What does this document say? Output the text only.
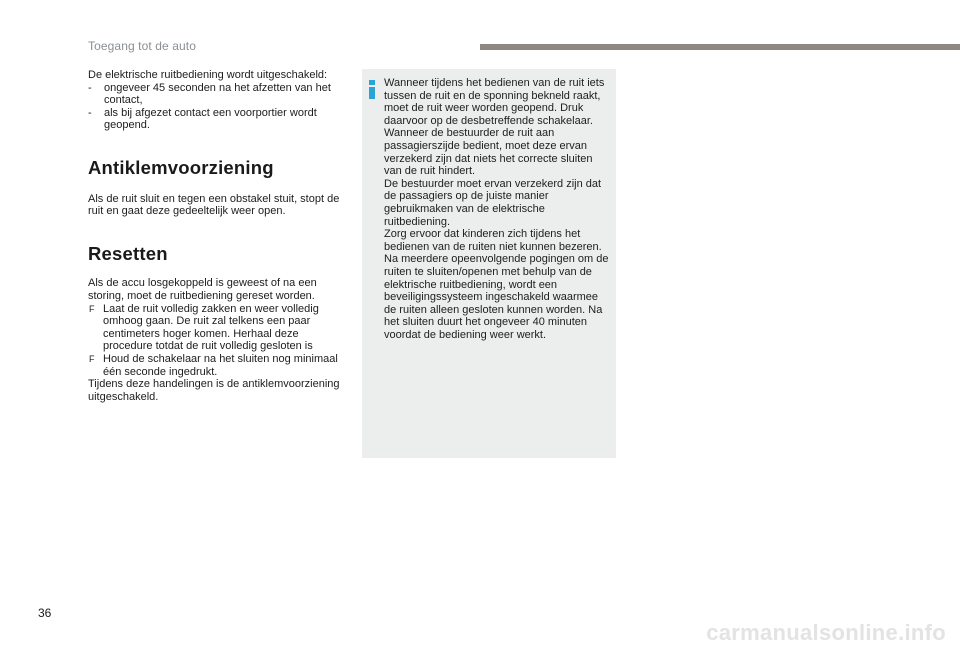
Toegang tot de auto

De elektrische ruitbediening wordt uitgeschakeld:

- ongeveer 45 seconden na het afzetten van het contact,
- als bij afgezet contact een voorportier wordt geopend.
Antiklemvoorziening

Als de ruit sluit en tegen een obstakel stuit, stopt de ruit en gaat deze gedeeltelijk weer open.

Resetten

Als de accu losgekoppeld is geweest of na een storing, moet de ruitbediening gereset worden.

F Laat de ruit volledig zakken en weer volledig omhoog gaan. De ruit zal telkens een paar centimeters hoger komen. Herhaal deze procedure totdat de ruit volledig gesloten is
F Houd de schakelaar na het sluiten nog minimaal één seconde ingedrukt.

Tijdens deze handelingen is de antiklemvoorziening uitgeschakeld.

Wanneer tijdens het bedienen van de ruit iets tussen de ruit en de sponning bekneld raakt, moet de ruit weer worden geopend. Druk daarvoor op de desbetreffende schakelaar.

Wanneer de bestuurder de ruit aan passagierszijde bedient, moet deze ervan verzekerd zijn dat niets het correcte sluiten van de ruit hindert.

De bestuurder moet ervan verzekerd zijn dat de passagiers op de juiste manier gebruikmaken van de elektrische ruitbediening.

Zorg ervoor dat kinderen zich tijdens het bedienen van de ruiten niet kunnen bezeren.

Na meerdere opeenvolgende pogingen om de ruiten te sluiten/openen met behulp van de elektrische ruitbediening, wordt een beveiligingssysteem ingeschakeld waarmee de ruiten alleen gesloten kunnen worden. Na het sluiten duurt het ongeveer 40 minuten voordat de bediening weer werkt.

36
carmanualsonline.info
